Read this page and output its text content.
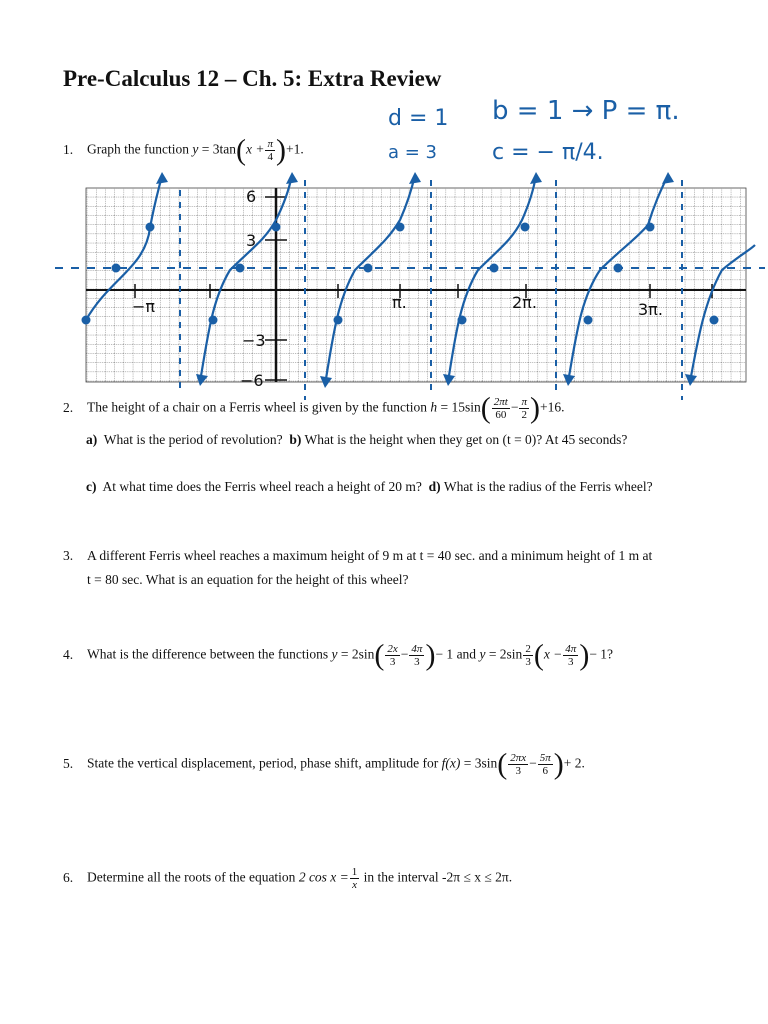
Pre-Calculus 12 – Ch. 5: Extra Review
d = 1
a = 3
b = 1 → P = π.
c = − π/4.
1. Graph the function $y = 3\tan(x + \frac{\pi}{4} )+1$.
6
3
−3
−6
−π	π.	2π.	3π.
2. The height of a chair on a Ferris wheel is given by the function $h = 15\sin( \frac{2\pi t}{60} - \frac{\pi}{2} )+16$.
a) What is the period of revolution? b) What is the height when they get on (t = 0)? At 45 seconds?
c) At what time does the Ferris wheel reach a height of 20 m? d) What is the radius of the Ferris wheel?
3. A different Ferris wheel reaches a maximum height of 9 m at t = 40 sec. and a minimum height of 1 m at
t = 80 sec. What is an equation for the height of this wheel?
4. What is the difference between the functions $y = 2\sin( \frac{2x}{3} - \frac{4\pi}{3}$ )− 1 and $y = 2\sin \frac{2}{3} (x - \frac{4\pi}{3}$ )− 1?
5. State the vertical displacement, period, phase shift, amplitude for $f(x) = 3\sin( \frac{2\pi x}{3} - \frac{5\pi}{6}$ )+ 2.
6. Determine all the roots of the equation 2 $\cos x = \frac{1}{x}$ in the interval -2π ≤ x ≤ 2π.
